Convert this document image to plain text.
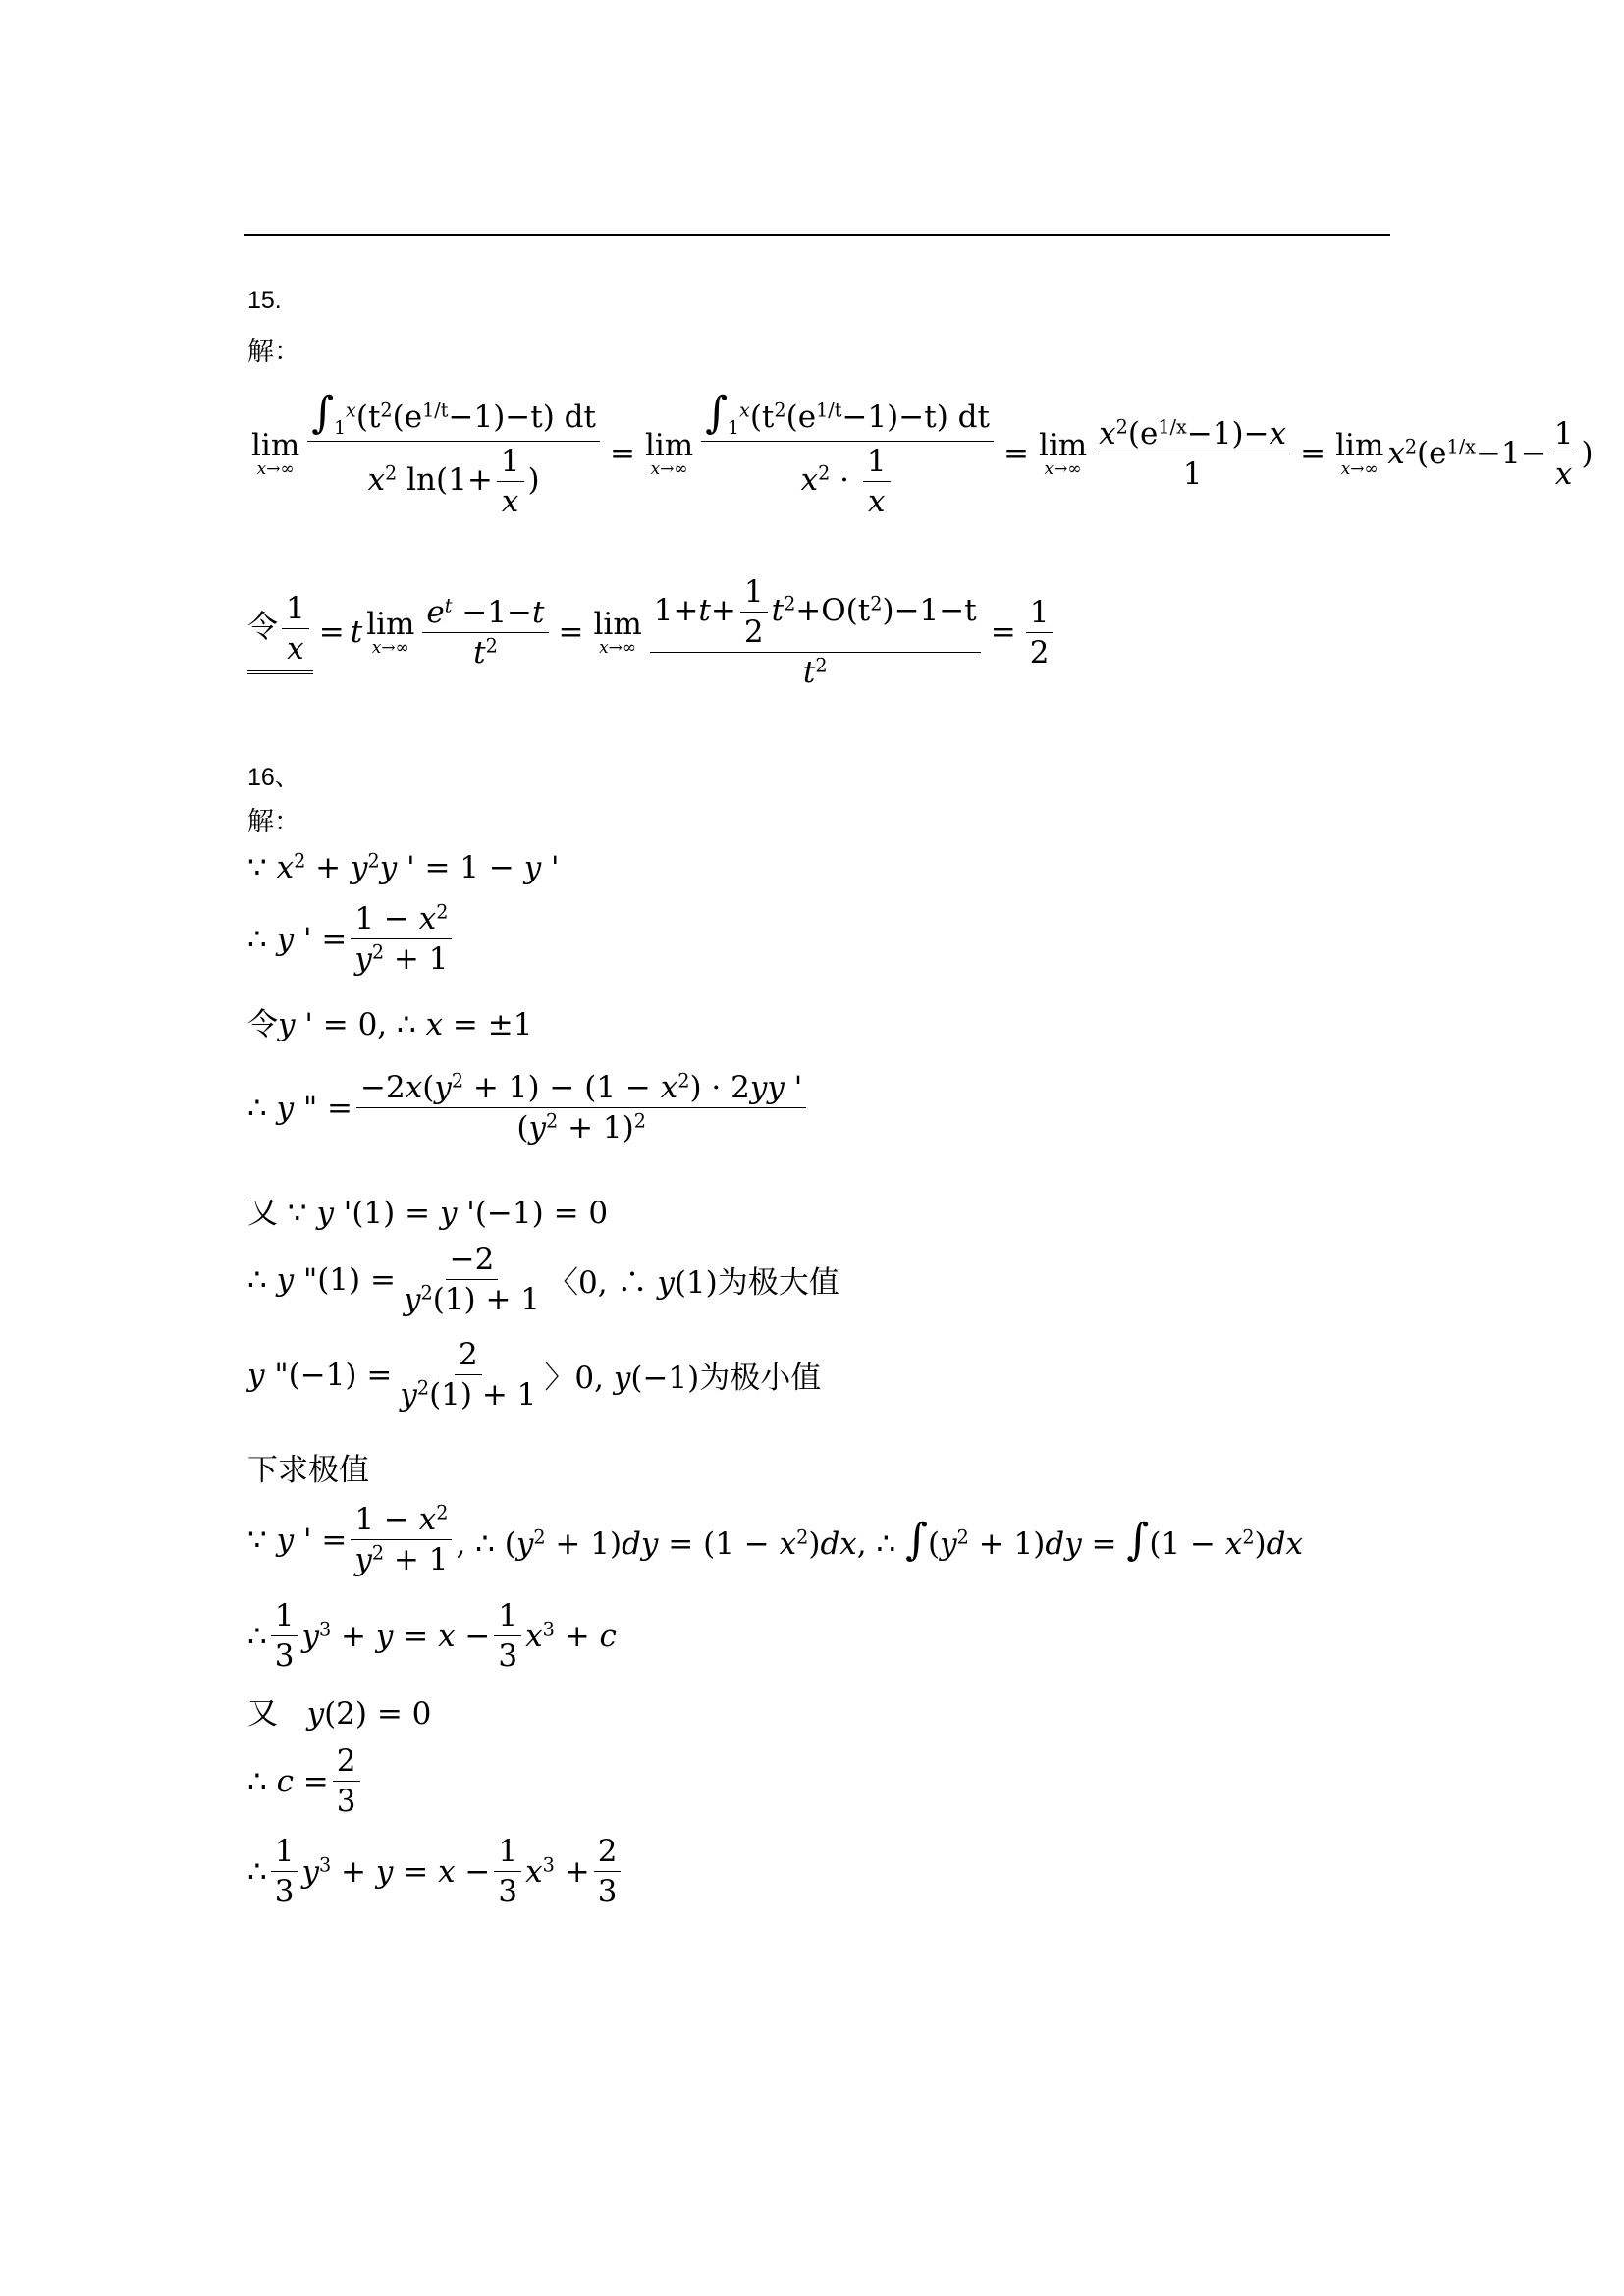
15.
解：
lim
$x\to\infty \frac{\int_1^x(t^2(e^{1/t}-1)-t) dt}{x^2 \ln(1+ \frac{1}{x} )} = \lim$
$x\to\infty \frac{\int_1^x(t^2(e^{1/t}-1)-t) dt}{x^2 \cdot \frac{1}{x}} = \lim$
$x\to\infty \frac{x^2(e^{1/x}-1)-x}{1} = \lim$
x→∞ $x^2(e^{1/x}-1- \frac{1}{x}$ )
令 $\frac{1}{x} = t$ lim
$x\to\infty \frac{e^t -1-t}{t^2} = \lim$
$x\to\infty \frac{1+t+ \frac{1}{2} t^2+O(t^2)-1-t}{t^2} = \frac{1}{2}$
16、
解：
∵ $x^2 + y^2y$ ' = 1 − y '
∴ y ' = $\frac{1 - x^2}{y^2 + 1}$
令y ' = 0, ∴ x = ±1
∴ y " = $\frac{-2x(y^2 + 1) - (1 - x^2) \cdot 2yy '}{(y^2 + 1)^2}$
又 ∵ y '(1) = y '(−1) = 0
∴ y "$(1) = \frac{-2}{y^2(1) + 1}$ 〈0, ∴ y(1)为极大值
y "$(-1) = \frac{2}{y^2(1) + 1}$ 〉0, y(−1)为极小值
下求极值
∵ y ' = $\frac{1 - x^2}{y^2 + 1}$ , ∴ $(y^2 + 1)dy = (1 - x^2)dx$, ∴ $\int(y^2 + 1)dy = \int(1 - x^2)dx$
∴ $\frac{1}{3} y^3 + y = x - \frac{1}{3} x^3 + c$
又 y(2) = 0
∴ $c = \frac{2}{3}$
∴ $\frac{1}{3} y^3 + y = x - \frac{1}{3} x^3 + \frac{2}{3}$
